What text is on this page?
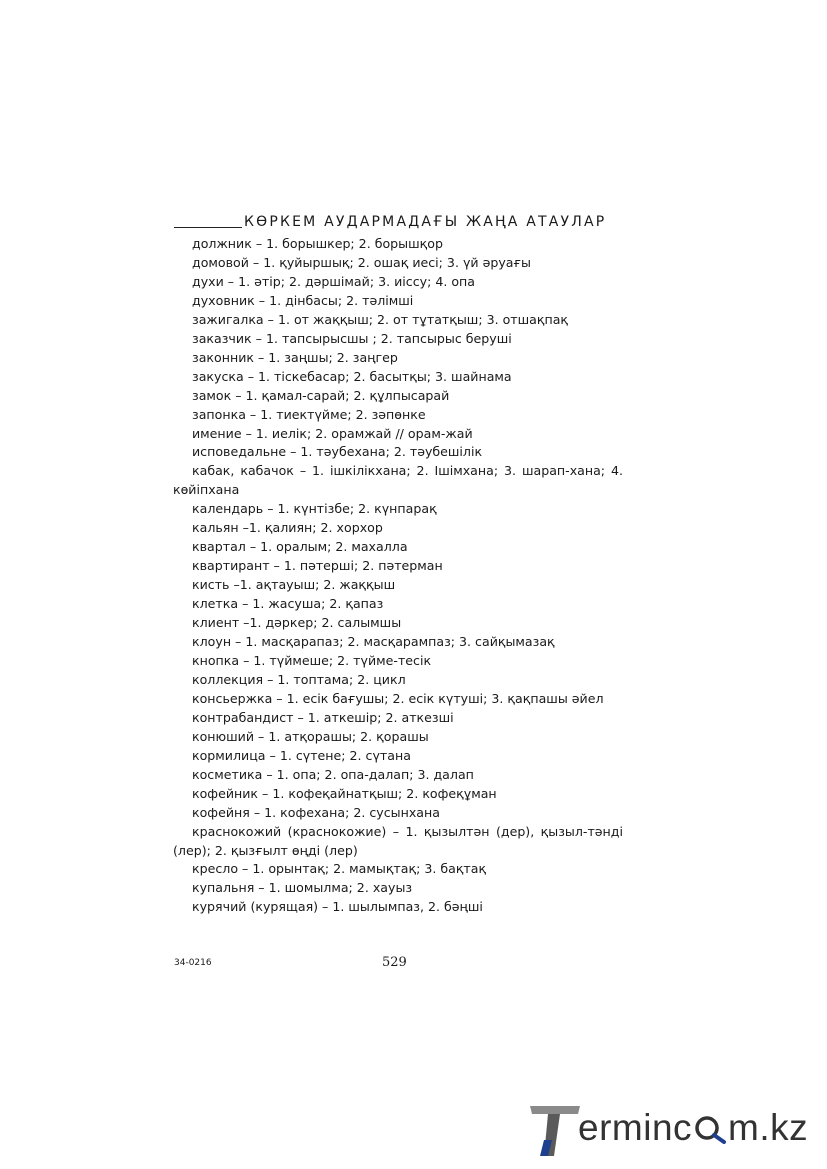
КӨРКЕМ АУДАРМАДАҒЫ ЖАҢА АТАУЛАР
должник – 1. борышкер; 2. борышқор
домовой – 1. қуйыршық; 2. ошақ иесі; 3. үй әруағы
духи – 1. әтір; 2. дәршімай; 3. иіссу; 4. опа
духовник – 1. дінбасы; 2. тәлімші
зажигалка – 1. от жаққыш; 2. от тұтатқыш; 3. отшақпақ
заказчик – 1. тапсырысшы ; 2. тапсырыс беруші
законник – 1. заңшы; 2. заңгер
закуска – 1. тіскебасар; 2. басытқы; 3. шайнама
замок – 1. қамал-сарай; 2. құлпысарай
запонка – 1. тиектүйме; 2. зәпөнке
имение – 1. иелік; 2. орамжай // орам-жай
исповедальне – 1. тәубехана; 2. тәубешілік
кабак, кабачок – 1. ішкілікхана; 2. Ішімхана; 3. шарап-хана; 4. көйіпхана
календарь – 1. күнтізбе; 2. күнпарақ
кальян –1. қалиян; 2. хорхор
квартал – 1. оралым; 2. махалла
квартирант – 1. пәтерші; 2. пәтерман
кисть –1. ақтауыш; 2. жаққыш
клетка – 1. жасуша; 2. қапаз
клиент –1. дәркер; 2. салымшы
клоун – 1. масқарапаз; 2. масқарампаз; 3. сайқымазақ
кнопка – 1. түймеше; 2. түйме-тесік
коллекция – 1. топтама; 2. цикл
консьержка – 1. есік бағушы; 2. есік күтуші; 3. қақпашы әйел
контрабандист – 1. аткешір; 2. аткезші
конюший – 1. атқорашы; 2. қорашы
кормилица – 1. сүтене; 2. сүтана
косметика – 1. опа; 2. опа-далап; 3. далап
кофейник – 1. кофеқайнатқыш; 2. кофеқұман
кофейня – 1. кофехана; 2. сусынхана
краснокожий (краснокожие) – 1. қызылтән (дер), қызыл-тәнді (лер); 2. қызғылт өңді (лер)
кресло – 1. орынтақ; 2. мамықтақ; 3. бақтақ
купальня – 1. шомылма; 2. хауыз
курячий (курящая) – 1. шылымпаз, 2. бәңші
34-0216	529
erminc m.kz
